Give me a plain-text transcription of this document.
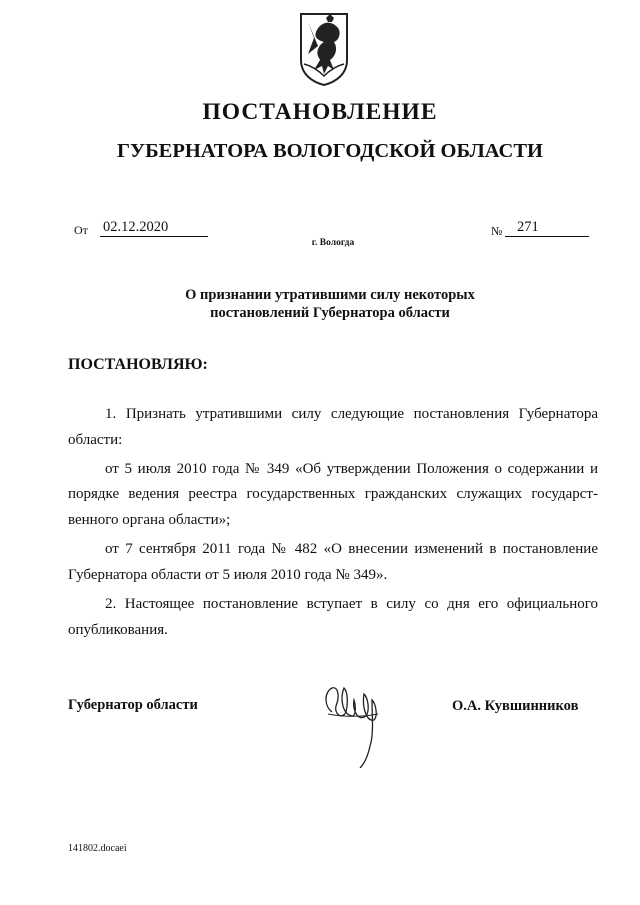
ПОСТАНОВЛЕНИЕ
ГУБЕРНАТОРА ВОЛОГОДСКОЙ ОБЛАСТИ
От 02.12.2020	№	271
г. Вологда
О признании утратившими силу некоторых
постановлений Губернатора области
ПОСТАНОВЛЯЮ:

1. Признать утратившими силу следующие постановления Губернатора области:

от 5 июля 2010 года № 349 «Об утверждении Положения о содержании и порядке ведения реестра государственных гражданских служащих государственного органа области»;

от 7 сентября 2011 года № 482 «О внесении изменений в постановление Губернатора области от 5 июля 2010 года № 349».

2. Настоящее постановление вступает в силу со дня его официального опубликования.

Губернатор области	О.А. Кувшинников
141802.docaei
